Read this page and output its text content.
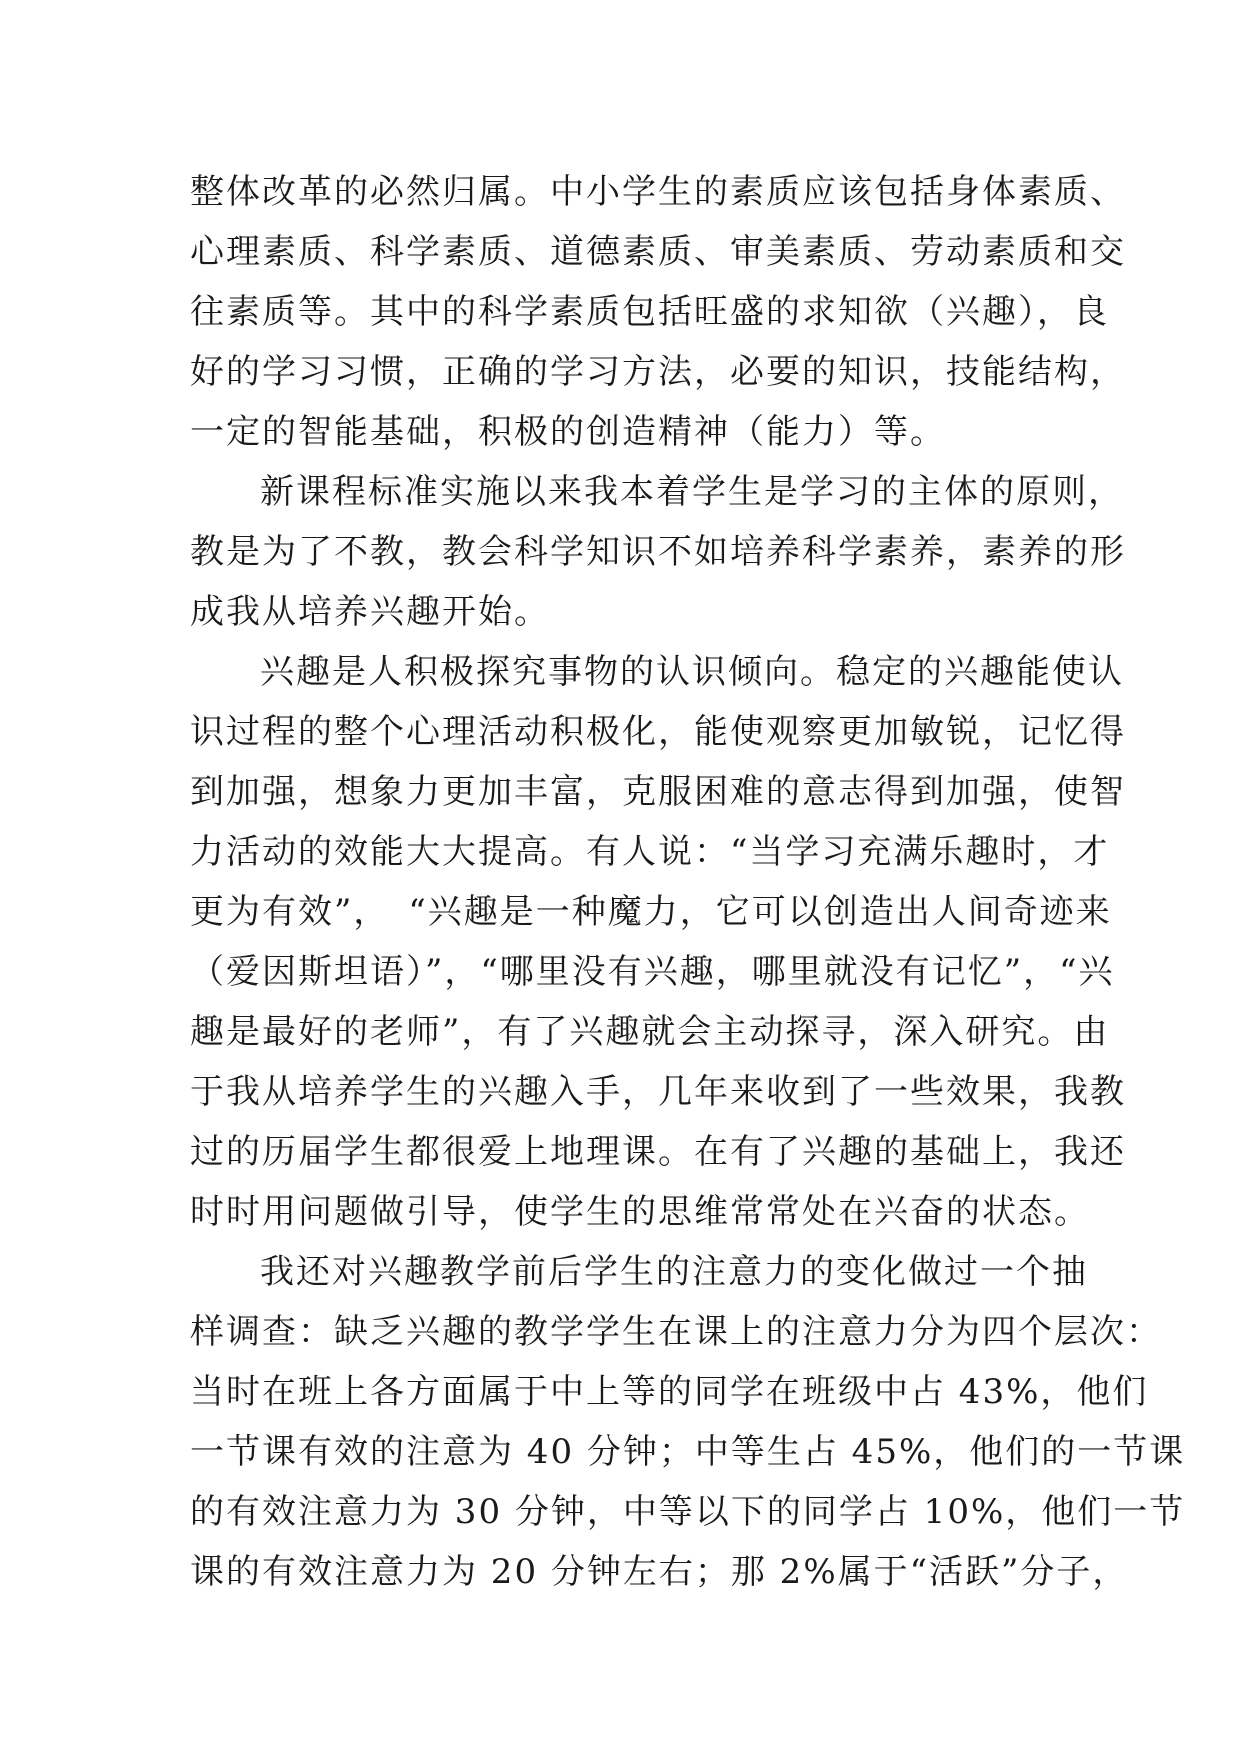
整体改革的必然归属。中小学生的素质应该包括身体素质、
心理素质、科学素质、道德素质、审美素质、劳动素质和交
往素质等。其中的科学素质包括旺盛的求知欲（兴趣），良
好的学习习惯，正确的学习方法，必要的知识，技能结构，
一定的智能基础，积极的创造精神（能力）等。
新课程标准实施以来我本着学生是学习的主体的原则，
教是为了不教，教会科学知识不如培养科学素养，素养的形
成我从培养兴趣开始。
兴趣是人积极探究事物的认识倾向。稳定的兴趣能使认
识过程的整个心理活动积极化，能使观察更加敏锐，记忆得
到加强，想象力更加丰富，克服困难的意志得到加强，使智
力活动的效能大大提高。有人说：“当学习充满乐趣时，才
更为有效”，　“兴趣是一种魔力，它可以创造出人间奇迹来
（爱因斯坦语）”，“哪里没有兴趣，哪里就没有记忆”，“兴
趣是最好的老师”，有了兴趣就会主动探寻，深入研究。由
于我从培养学生的兴趣入手，几年来收到了一些效果，我教
过的历届学生都很爱上地理课。在有了兴趣的基础上，我还
时时用问题做引导，使学生的思维常常处在兴奋的状态。
我还对兴趣教学前后学生的注意力的变化做过一个抽
样调查：缺乏兴趣的教学学生在课上的注意力分为四个层次：
当时在班上各方面属于中上等的同学在班级中占 43%，他们
一节课有效的注意为 40 分钟；中等生占 45%，他们的一节课
的有效注意力为 30 分钟，中等以下的同学占 10%，他们一节
课的有效注意力为 20 分钟左右；那 2%属于“活跃”分子，
